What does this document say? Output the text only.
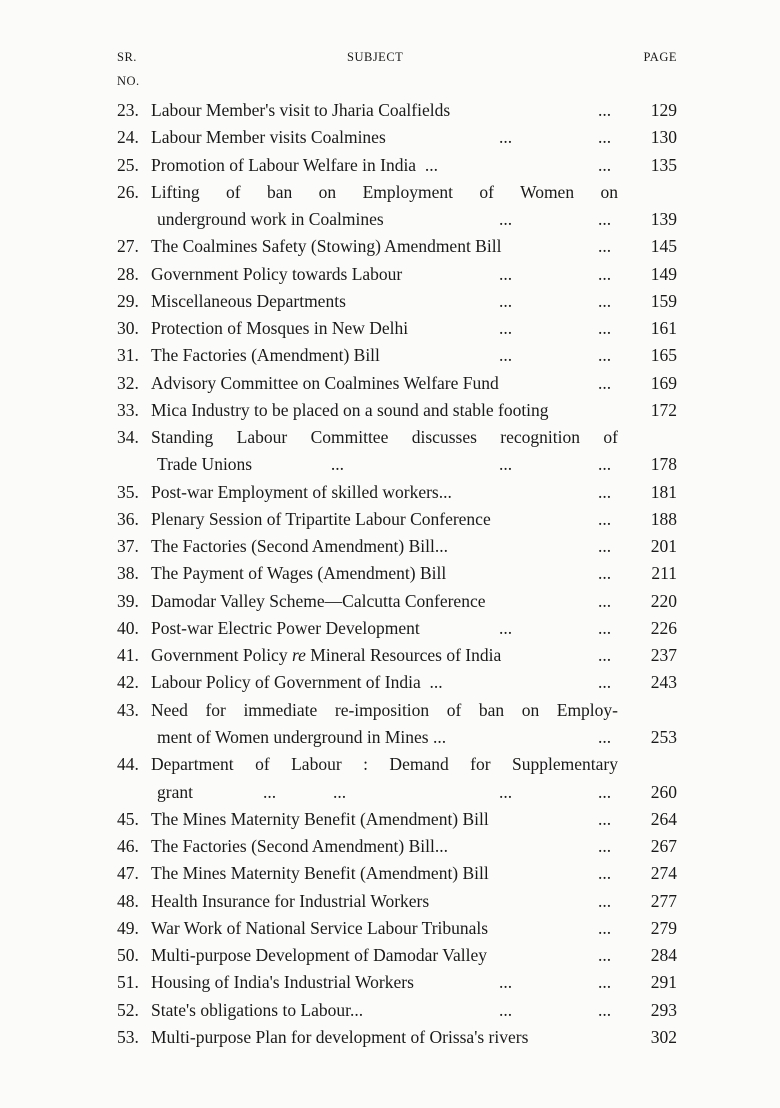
SR.
NO.
SUBJECT	PAGE
23. Labour Member's visit to Jharia Coalfields	... 129
24. Labour Member visits Coalmines	...	... 130
25. Promotion of Labour Welfare in India  ...	... 135
26. Lifting of ban on Employment of Women on
underground work in Coalmines	...	... 139
27. The Coalmines Safety (Stowing) Amendment Bill	... 145
28. Government Policy towards Labour	...	... 149
29. Miscellaneous Departments	...	... 159
30. Protection of Mosques in New Delhi	...	... 161
31. The Factories (Amendment) Bill	...	... 165
32. Advisory Committee on Coalmines Welfare Fund	... 169
33. Mica Industry to be placed on a sound and stable footing	172
34. Standing Labour Committee discusses recognition of
Trade Unions                  ...	...	... 178
35. Post-war Employment of skilled workers...	... 181
36. Plenary Session of Tripartite Labour Conference	... 188
37. The Factories (Second Amendment) Bill...	... 201
38. The Payment of Wages (Amendment) Bill	... 211
39. Damodar Valley Scheme—Calcutta Conference	... 220
40. Post-war Electric Power Development	...	... 226
41. Government Policy re Mineral Resources of India	... 237
42. Labour Policy of Government of India  ...	... 243
43. Need for immediate re-imposition of ban on Employ-
ment of Women underground in Mines ...	... 253
44. Department of Labour : Demand for Supplementary
grant                ...             ...	...	... 260
45. The Mines Maternity Benefit (Amendment) Bill	... 264
46. The Factories (Second Amendment) Bill...	... 267
47. The Mines Maternity Benefit (Amendment) Bill	... 274
48. Health Insurance for Industrial Workers	... 277
49. War Work of National Service Labour Tribunals	... 279
50. Multi-purpose Development of Damodar Valley	... 284
51. Housing of India's Industrial Workers	...	... 291
52. State's obligations to Labour...	...	... 293
53. Multi-purpose Plan for development of Orissa's rivers	302
